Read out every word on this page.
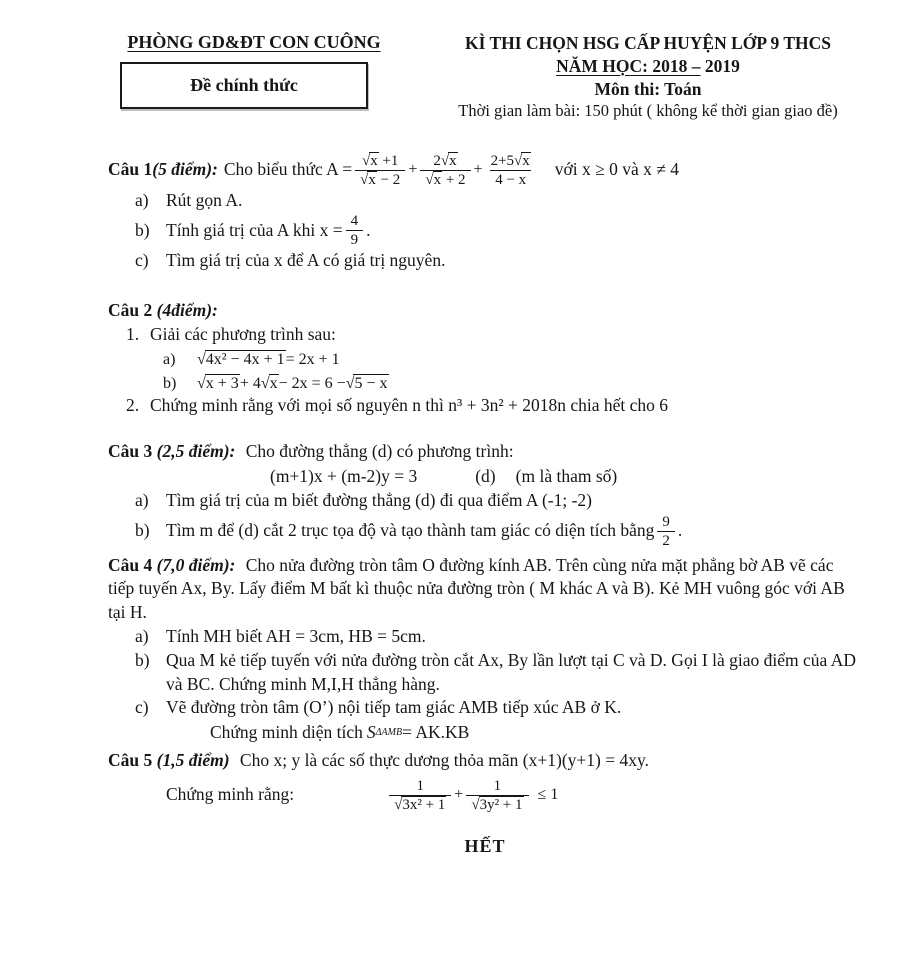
PHÒNG GD&ĐT CON CUÔNG
Đề chính thức
KÌ THI CHỌN HSG CẤP HUYỆN LỚP 9 THCS
NĂM HỌC: 2018 – 2019
Môn thi: Toán
Thời gian làm bài: 150 phút ( không kể thời gian giao đề)
Câu 1 (5 điểm): Cho biểu thức $A = \frac{√x +1}{√x - 2} + \frac{2√x}{√x + 2} + \frac{2+5√x}{4 - x}$ với x ≥ 0 và x ≠ 4
a) Rút gọn A.
b) Tính giá trị của A khi $x = \frac{4}{9}$ .
c) Tìm giá trị của x để A có giá trị nguyên.
Câu 2 (4điểm):
1. Giải các phương trình sau:
a)	√4x² − 4x + 1 = 2x + 1
b)	√x + 3 + 4 √x − 2x = 6 − √5 − x
2. Chứng minh rằng với mọi số nguyên n thì n³ + 3n² + 2018n chia hết cho 6
Câu 3 (2,5 điểm): Cho đường thẳng (d) có phương trình:
(m+1)x + (m-2)y = 3	(d) (m là tham số)
a) Tìm giá trị của m biết đường thẳng (d) đi qua điểm A (-1; -2)
b) Tìm m để (d) cắt 2 trục tọa độ và tạo thành tam giác có diện tích bằng $\frac{9}{2}$ .
Câu 4 (7,0 điểm): Cho nửa đường tròn tâm O đường kính AB. Trên cùng nửa mặt phẳng bờ AB vẽ các tiếp tuyến Ax, By. Lấy điểm M bất kì thuộc nửa đường tròn ( M khác A và B). Kẻ MH vuông góc với AB tại H.
a) Tính MH biết AH = 3cm, HB = 5cm.
b) Qua M kẻ tiếp tuyến với nửa đường tròn cắt Ax, By lần lượt tại C và D. Gọi I là giao điểm của AD và BC. Chứng minh M,I,H thẳng hàng.
c) Vẽ đường tròn tâm (O’) nội tiếp tam giác AMB tiếp xúc AB ở K.
Chứng minh diện tích S ΔAMB = AK.KB
Câu 5 (1,5 điểm) Cho x; y là các số thực dương thỏa mãn (x+1)(y+1) = 4xy.
Chứng minh rằng:	$\frac{1}{\text{√3x² + 1}} + \frac{1}{\text{√3y² + 1}} \le 1$
HẾT
